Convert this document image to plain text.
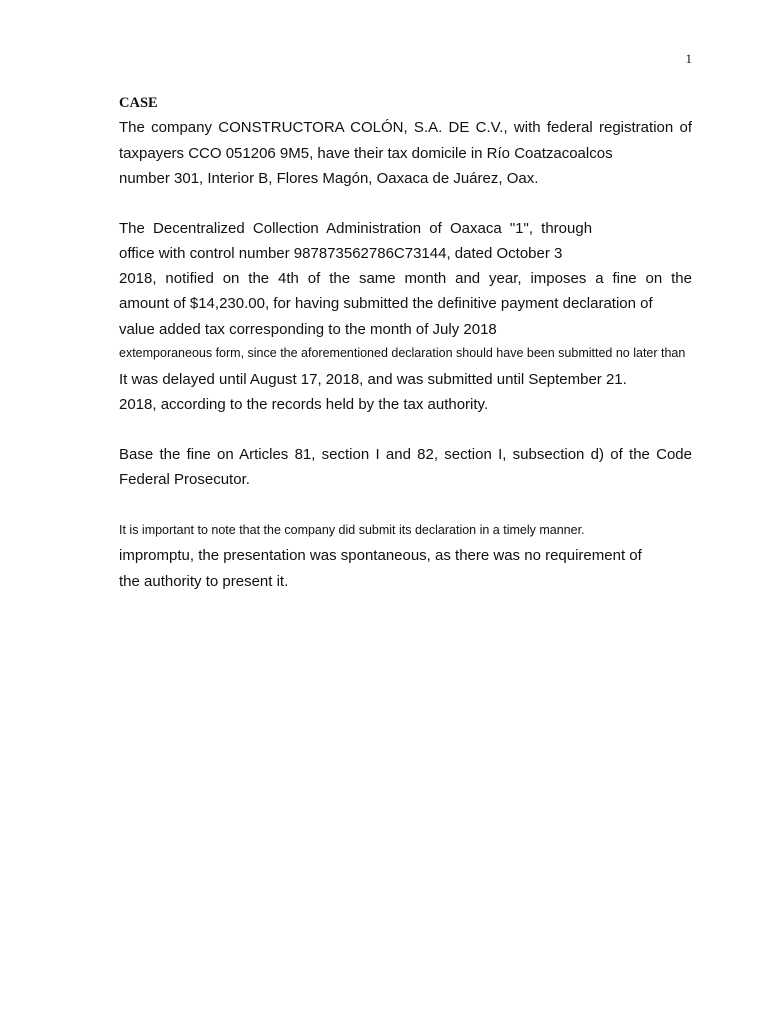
1
CASE
The company CONSTRUCTORA COLÓN, S.A. DE C.V., with federal registration of
taxpayers CCO 051206 9M5, have their tax domicile in Río Coatzacoalcos
number 301, Interior B, Flores Magón, Oaxaca de Juárez, Oax.
The Decentralized Collection Administration of Oaxaca "1", through
office with control number 987873562786C73144, dated October 3
2018, notified on the 4th of the same month and year, imposes a fine on the
amount of $14,230.00, for having submitted the definitive payment declaration of
value added tax corresponding to the month of July 2018
extemporaneous form, since the aforementioned declaration should have been submitted no later than
It was delayed until August 17, 2018, and was submitted until September 21.
2018, according to the records held by the tax authority.
Base the fine on Articles 81, section I and 82, section I, subsection d) of the Code
Federal Prosecutor.
It is important to note that the company did submit its declaration in a timely manner.
impromptu, the presentation was spontaneous, as there was no requirement of
the authority to present it.
